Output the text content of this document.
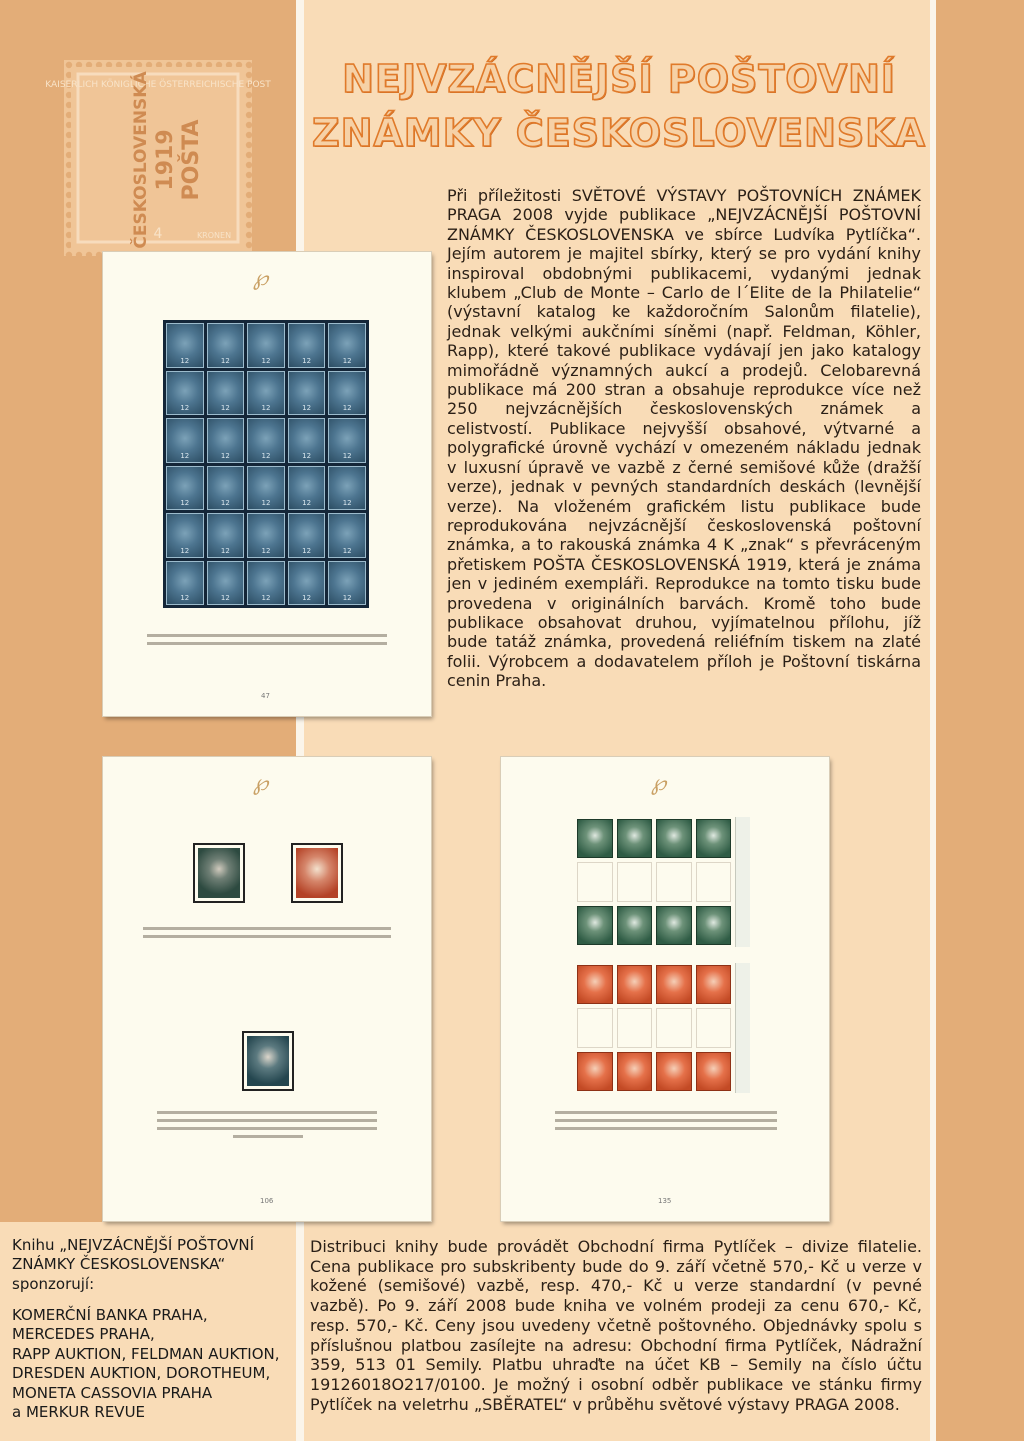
KAISERLICH KÖNIGLICHE ÖSTERREICHISCHE POST
ČESKOSLOVENSKÁ 1919 POŠTA
4	KRONEN
NEJVZÁCNĚJŠÍ POŠTOVNÍ
ZNÁMKY ČESKOSLOVENSKA

Při příležitosti SVĚTOVÉ VÝSTAVY POŠTOVNÍCH ZNÁMEK PRAGA 2008 vyjde publikace „NEJVZÁCNĚJŠÍ POŠTOVNÍ ZNÁMKY ČESKOSLOVENSKA ve sbírce Ludvíka Pytlíčka“. Jejím autorem je majitel sbírky, který se pro vydání knihy inspiroval obdobnými publikacemi, vydanými jednak klubem „Club de Monte – Carlo de l´Elite de la Philatelie“ (výstavní katalog ke každoročním Salonům filatelie), jednak velkými aukčními síněmi (např. Feldman, Köhler, Rapp), které takové publikace vydávají jen jako katalogy mimořádně významných aukcí a prodejů. Celobarevná publikace má 200 stran a obsahuje reprodukce více než 250 nejvzácnějších československých známek a celistvostí. Publikace nejvyšší obsahové, výtvarné a polygrafické úrovně vychází v omezeném nákladu jednak v luxusní úpravě ve vazbě z černé semišové kůže (dražší verze), jednak v pevných standardních deskách (levnější verze). Na vloženém grafickém listu publikace bude reprodukována nejvzácnější československá poštovní známka, a to rakouská známka 4 K „znak“ s převráceným přetiskem POŠTA ČESKOSLOVENSKÁ 1919, která je známa jen v jediném exempláři. Reprodukce na tomto tisku bude provedena v originálních barvách. Kromě toho bude publikace obsahovat druhou, vyjímatelnou přílohu, jíž bude tatáž známka, provedená reliéfním tiskem na zlaté folii. Výrobcem a dodavatelem příloh je Poštovní tiskárna cenin Praha.

℘
12	12	12	12	12
12	12	12	12	12
12	12	12	12	12
12	12	12	12	12
12	12	12	12	12
12	12	12	12	12
47
℘
106
℘
135

Knihu „NEJVZÁCNĚJŠÍ POŠTOVNÍ ZNÁMKY ČESKOSLOVENSKA“ sponzorují:

KOMERČNÍ BANKA PRAHA,
MERCEDES PRAHA,
RAPP AUKTION, FELDMAN AUKTION,
DRESDEN AUKTION, DOROTHEUM,
MONETA CASSOVIA PRAHA
a MERKUR REVUE

Distribuci knihy bude provádět Obchodní firma Pytlíček – divize filatelie. Cena publikace pro subskribenty bude do 9. září včetně 570,- Kč u verze v kožené (semišové) vazbě, resp. 470,- Kč u verze standardní (v pevné vazbě). Po 9. září 2008 bude kniha ve volném prodeji za cenu 670,- Kč, resp. 570,- Kč. Ceny jsou uvedeny včetně poštovného. Objednávky spolu s příslušnou platbou zasílejte na adresu: Obchodní firma Pytlíček, Nádražní 359, 513 01 Semily. Platbu uhraďte na účet KB – Semily na číslo účtu 19126018O217/0100. Je možný i osobní odběr publikace ve stánku firmy Pytlíček na veletrhu „SBĚRATEL“ v průběhu světové výstavy PRAGA 2008.
